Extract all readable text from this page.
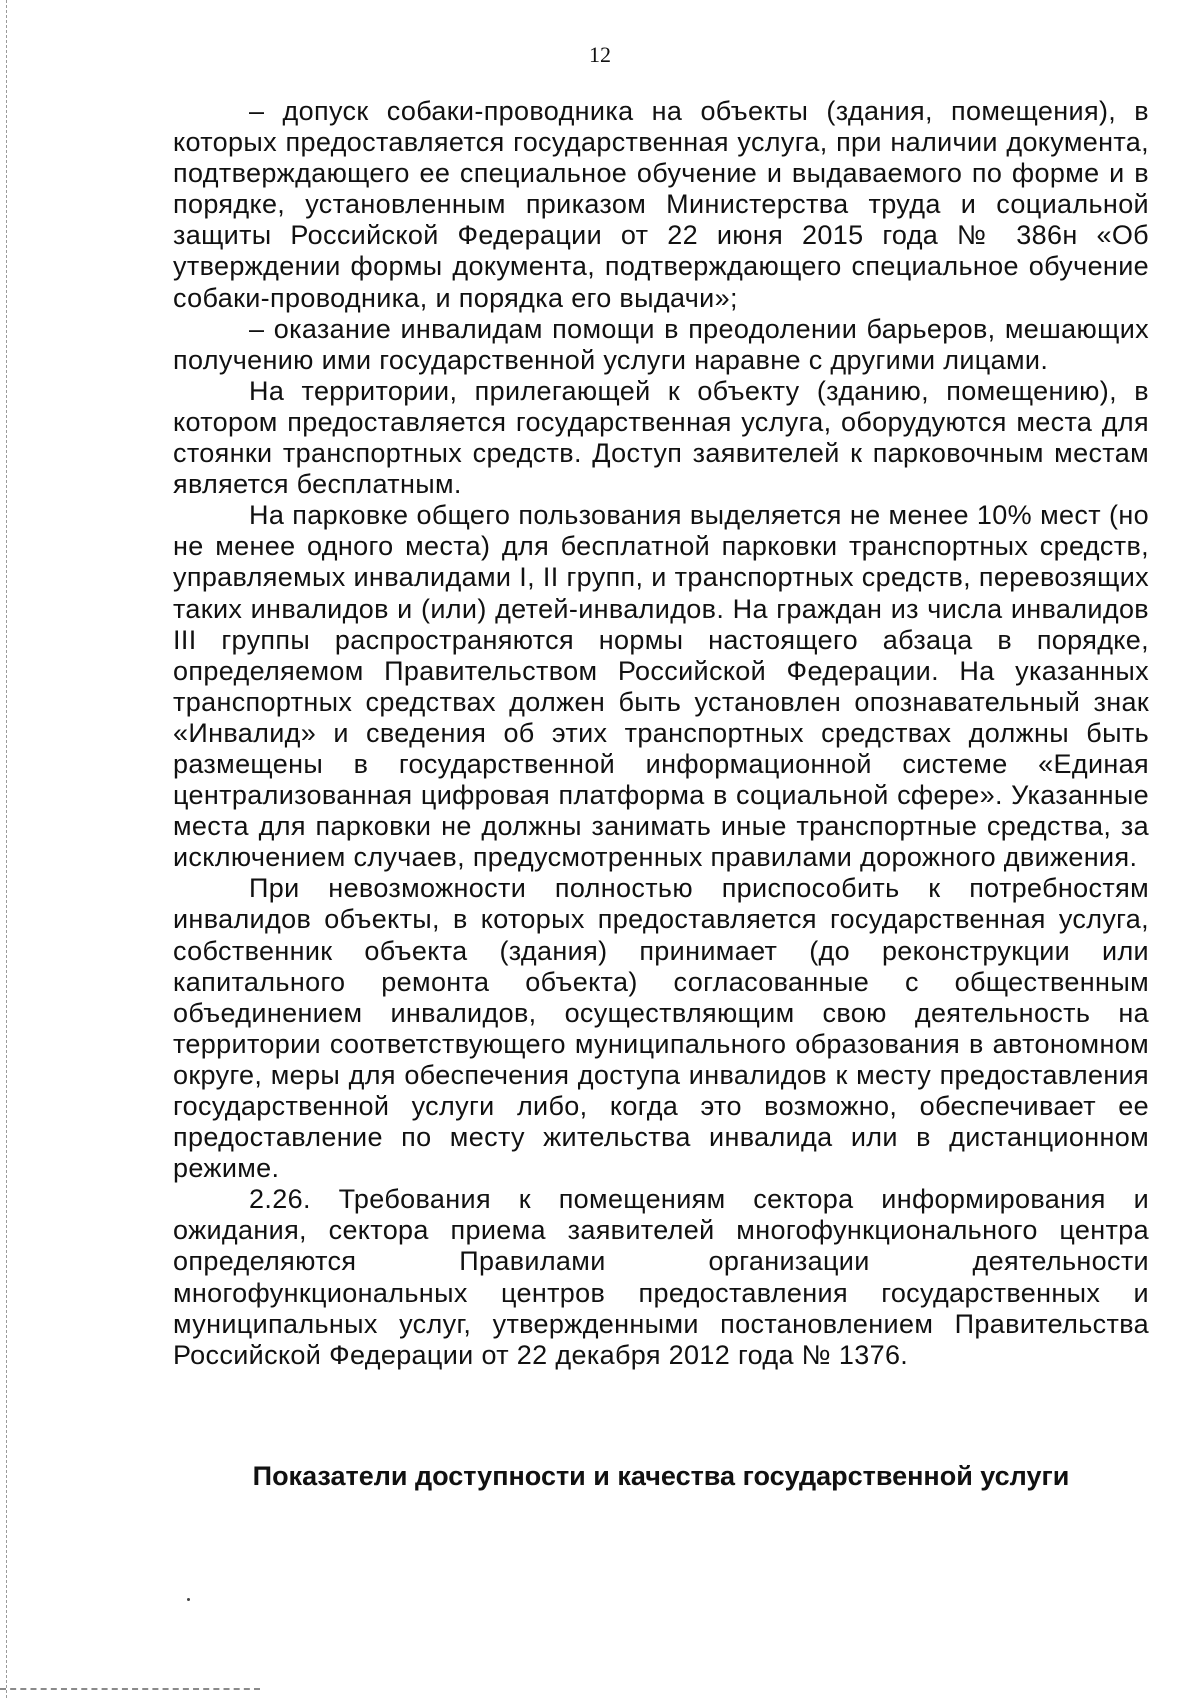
12

– допуск собаки-проводника на объекты (здания, помещения), в которых предоставляется государственная услуга, при наличии документа, подтверждающего ее специальное обучение и выдаваемого по форме и в порядке, установленным приказом Министерства труда и социальной защиты Российской Федерации от 22 июня 2015 года № 386н «Об утверждении формы документа, подтверждающего специальное обучение собаки-проводника, и порядка его выдачи»;

– оказание инвалидам помощи в преодолении барьеров, мешающих получению ими государственной услуги наравне с другими лицами.

На территории, прилегающей к объекту (зданию, помещению), в котором предоставляется государственная услуга, оборудуются места для стоянки транспортных средств. Доступ заявителей к парковочным местам является бесплатным.

На парковке общего пользования выделяется не менее 10% мест (но не менее одного места) для бесплатной парковки транспортных средств, управляемых инвалидами I, II групп, и транспортных средств, перевозящих таких инвалидов и (или) детей-инвалидов. На граждан из числа инвалидов III группы распространяются нормы настоящего абзаца в порядке, определяемом Правительством Российской Федерации. На указанных транспортных средствах должен быть установлен опознавательный знак «Инвалид» и сведения об этих транспортных средствах должны быть размещены в государственной информационной системе «Единая централизованная цифровая платформа в социальной сфере». Указанные места для парковки не должны занимать иные транспортные средства, за исключением случаев, предусмотренных правилами дорожного движения.

При невозможности полностью приспособить к потребностям инвалидов объекты, в которых предоставляется государственная услуга, собственник объекта (здания) принимает (до реконструкции или капитального ремонта объекта) согласованные с общественным объединением инвалидов, осуществляющим свою деятельность на территории соответствующего муниципального образования в автономном округе, меры для обеспечения доступа инвалидов к месту предоставления государственной услуги либо, когда это возможно, обеспечивает ее предоставление по месту жительства инвалида или в дистанционном режиме.

2.26. Требования к помещениям сектора информирования и ожидания, сектора приема заявителей многофункционального центра определяются Правилами организации деятельности многофункциональных центров предоставления государственных и муниципальных услуг, утвержденными постановлением Правительства Российской Федерации от 22 декабря 2012 года № 1376.

Показатели доступности и качества государственной услуги
